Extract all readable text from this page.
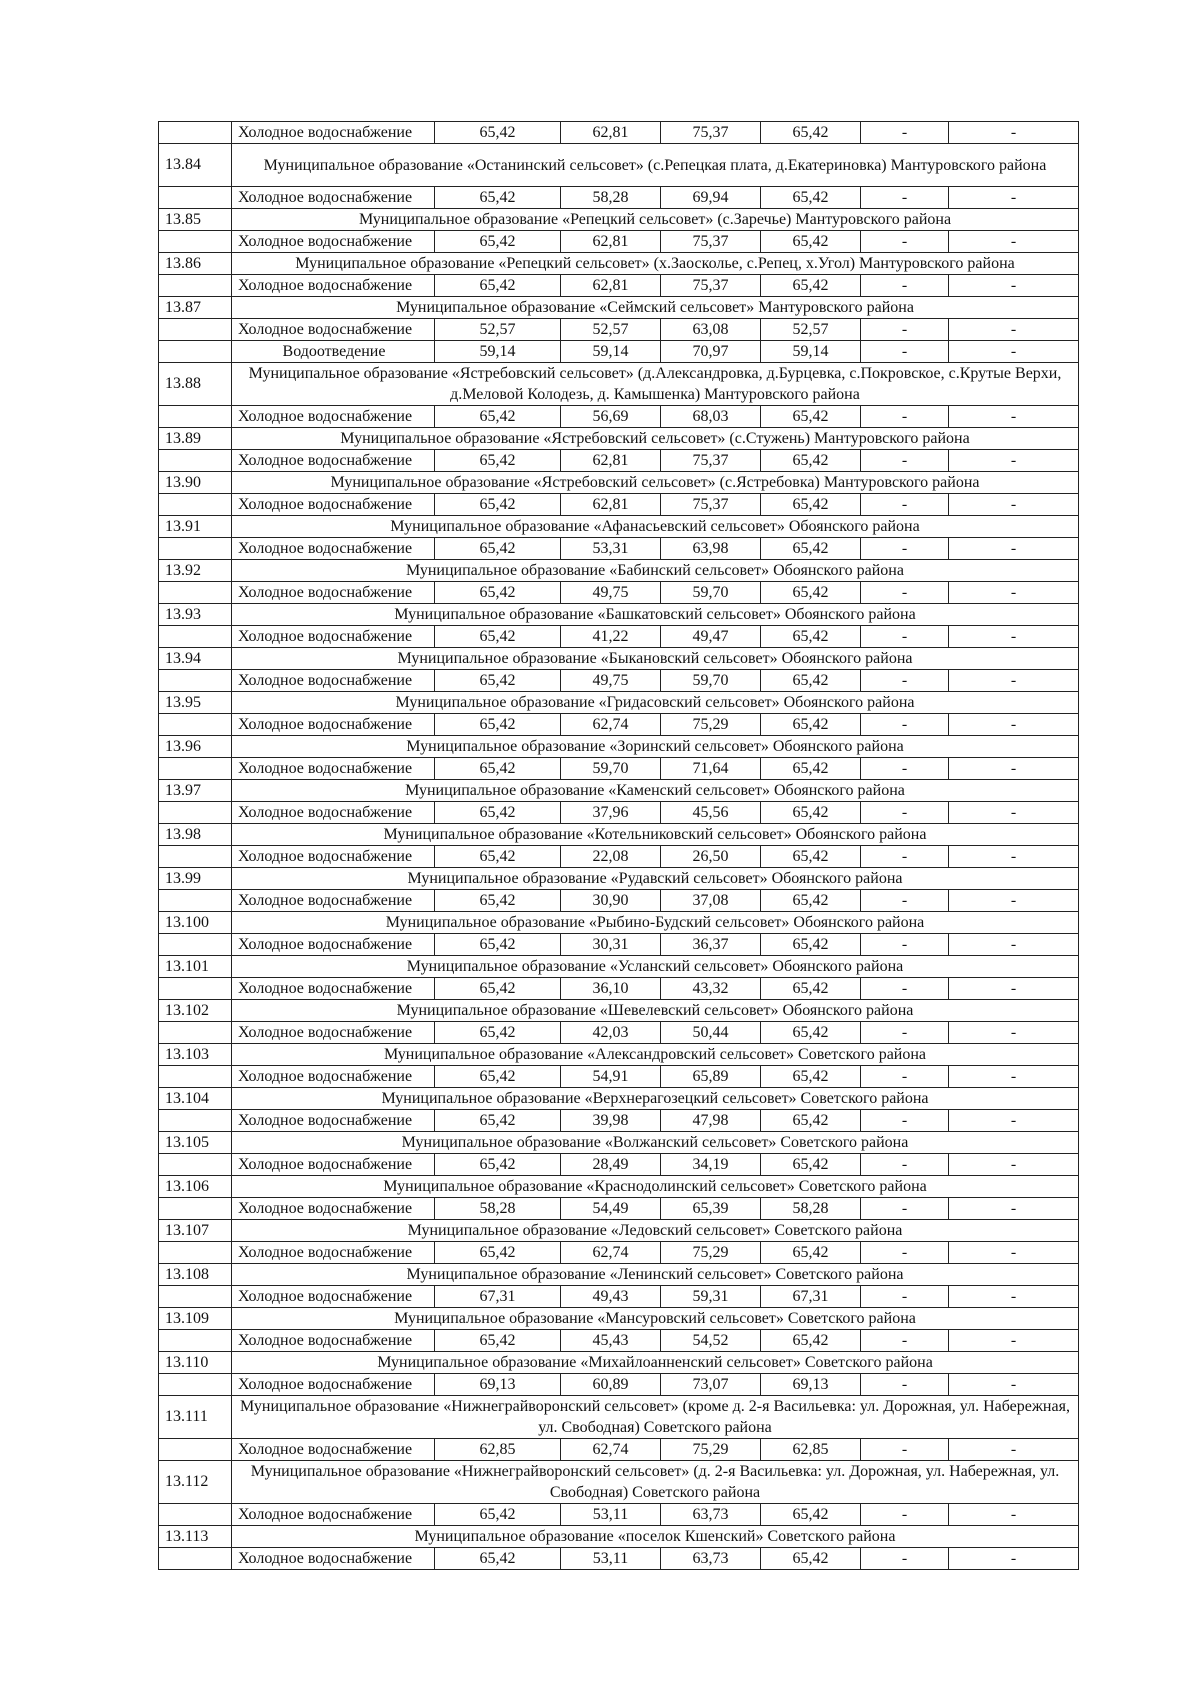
	Холодное водоснабжение	65,42	62,81	75,37	65,42	-	-
13.84	Муниципальное образование «Останинский сельсовет» (с.Репецкая плата, д.Екатериновка) Мантуровского района						
	Холодное водоснабжение	65,42	58,28	69,94	65,42	-	-
13.85	Муниципальное образование «Репецкий сельсовет» (с.Заречье) Мантуровского района						
	Холодное водоснабжение	65,42	62,81	75,37	65,42	-	-
13.86	Муниципальное образование «Репецкий сельсовет» (х.Заосколье, с.Репец, х.Угол) Мантуровского района						
	Холодное водоснабжение	65,42	62,81	75,37	65,42	-	-
13.87	Муниципальное образование «Сеймский сельсовет» Мантуровского района						
	Холодное водоснабжение	52,57	52,57	63,08	52,57	-	-
	Водоотведение	59,14	59,14	70,97	59,14	-	-
13.88	Муниципальное образование «Ястребовский сельсовет» (д.Александровка, д.Бурцевка, с.Покровское, с.Крутые Верхи, д.Меловой Колодезь, д. Камышенка) Мантуровского района						
	Холодное водоснабжение	65,42	56,69	68,03	65,42	-	-
13.89	Муниципальное образование «Ястребовский сельсовет» (с.Стужень) Мантуровского района						
	Холодное водоснабжение	65,42	62,81	75,37	65,42	-	-
13.90	Муниципальное образование «Ястребовский сельсовет» (с.Ястребовка) Мантуровского района						
	Холодное водоснабжение	65,42	62,81	75,37	65,42	-	-
13.91	Муниципальное образование «Афанасьевский сельсовет» Обоянского района						
	Холодное водоснабжение	65,42	53,31	63,98	65,42	-	-
13.92	Муниципальное образование «Бабинский сельсовет» Обоянского района						
	Холодное водоснабжение	65,42	49,75	59,70	65,42	-	-
13.93	Муниципальное образование «Башкатовский сельсовет» Обоянского района						
	Холодное водоснабжение	65,42	41,22	49,47	65,42	-	-
13.94	Муниципальное образование «Быкановский сельсовет» Обоянского района						
	Холодное водоснабжение	65,42	49,75	59,70	65,42	-	-
13.95	Муниципальное образование «Гридасовский сельсовет» Обоянского района						
	Холодное водоснабжение	65,42	62,74	75,29	65,42	-	-
13.96	Муниципальное образование «Зоринский сельсовет» Обоянского района						
	Холодное водоснабжение	65,42	59,70	71,64	65,42	-	-
13.97	Муниципальное образование «Каменский сельсовет» Обоянского района						
	Холодное водоснабжение	65,42	37,96	45,56	65,42	-	-
13.98	Муниципальное образование «Котельниковский сельсовет» Обоянского района						
	Холодное водоснабжение	65,42	22,08	26,50	65,42	-	-
13.99	Муниципальное образование «Рудавский сельсовет» Обоянского района						
	Холодное водоснабжение	65,42	30,90	37,08	65,42	-	-
13.100	Муниципальное образование «Рыбино-Будский сельсовет» Обоянского района						
	Холодное водоснабжение	65,42	30,31	36,37	65,42	-	-
13.101	Муниципальное образование «Усланский сельсовет» Обоянского района						
	Холодное водоснабжение	65,42	36,10	43,32	65,42	-	-
13.102	Муниципальное образование «Шевелевский сельсовет» Обоянского района						
	Холодное водоснабжение	65,42	42,03	50,44	65,42	-	-
13.103	Муниципальное образование «Александровский сельсовет» Советского района						
	Холодное водоснабжение	65,42	54,91	65,89	65,42	-	-
13.104	Муниципальное образование «Верхнерагозецкий сельсовет» Советского района						
	Холодное водоснабжение	65,42	39,98	47,98	65,42	-	-
13.105	Муниципальное образование «Волжанский сельсовет» Советского района						
	Холодное водоснабжение	65,42	28,49	34,19	65,42	-	-
13.106	Муниципальное образование «Краснодолинский сельсовет» Советского района						
	Холодное водоснабжение	58,28	54,49	65,39	58,28	-	-
13.107	Муниципальное образование «Ледовский сельсовет» Советского района						
	Холодное водоснабжение	65,42	62,74	75,29	65,42	-	-
13.108	Муниципальное образование «Ленинский сельсовет» Советского района						
	Холодное водоснабжение	67,31	49,43	59,31	67,31	-	-
13.109	Муниципальное образование «Мансуровский сельсовет» Советского района						
	Холодное водоснабжение	65,42	45,43	54,52	65,42	-	-
13.110	Муниципальное образование «Михайлоанненский сельсовет» Советского района						
	Холодное водоснабжение	69,13	60,89	73,07	69,13	-	-
13.111	Муниципальное образование «Нижнеграйворонский сельсовет» (кроме д. 2-я Васильевка: ул. Дорожная, ул. Набережная, ул. Свободная) Советского района						
	Холодное водоснабжение	62,85	62,74	75,29	62,85	-	-
13.112	Муниципальное образование «Нижнеграйворонский сельсовет» (д. 2-я Васильевка: ул. Дорожная, ул. Набережная, ул. Свободная) Советского района						
	Холодное водоснабжение	65,42	53,11	63,73	65,42	-	-
13.113	Муниципальное образование «поселок Кшенский» Советского района						
	Холодное водоснабжение	65,42	53,11	63,73	65,42	-	-
